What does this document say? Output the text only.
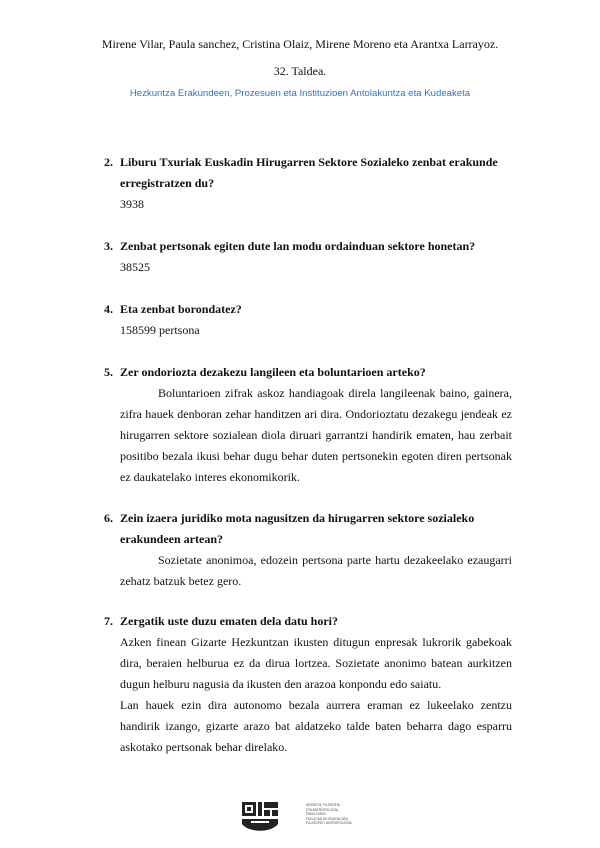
Mirene Vilar, Paula sanchez, Cristina Olaiz, Mirene Moreno eta Arantxa Larrayoz.

32. Taldea.
Hezkuntza Erakundeen, Prozesuen eta Instituzioen Antolakuntza eta Kudeaketa
2. Liburu Txuriak Euskadin Hirugarren Sektore Sozialeko zenbat erakunde erregistratzen du?
3938
3. Zenbat pertsonak egiten dute lan modu ordainduan sektore honetan?
38525
4. Eta zenbat borondatez?
158599 pertsona
5. Zer ondoriozta dezakezu langileen eta boluntarioen arteko?
Boluntarioen zifrak askoz handiagoak direla langileenak baino, gainera, zifra hauek denboran zehar handitzen ari dira. Ondorioztatu dezakegu jendeak ez hirugarren sektore sozialean diola diruari garrantzi handirik ematen, hau zerbait positibo bezala ikusi behar dugu behar duten pertsonekin egoten diren pertsonak ez daukatelako interes ekonomikorik.
6. Zein izaera juridiko mota nagusitzen da hirugarren sektore sozialeko erakundeen artean?
Sozietate anonimoa, edozein pertsona parte hartu dezakeelako ezaugarri zehatz batzuk betez gero.
7. Zergatik uste duzu ematen dela datu hori?
Azken finean Gizarte Hezkuntzan ikusten ditugun enpresak lukrorik gabekoak dira, beraien helburua ez da dirua lortzea. Sozietate anonimo batean aurkitzen dugun helburu nagusia da ikusten den arazoa konpondu edo saiatu.
Lan hauek ezin dira autonomo bezala aurrera eraman ez lukeelako zentzu handirik izango, gizarte arazo bat aldatzeko talde baten beharra dago esparru askotako pertsonak behar direlako.
HEZIKETA, FILOSOFIA
ETA ANTROPOLOGIA
FAKULTATEA
FACULTAD DE EDUCACIÓN,
FILOSOFÍA Y ANTROPOLOGÍA
